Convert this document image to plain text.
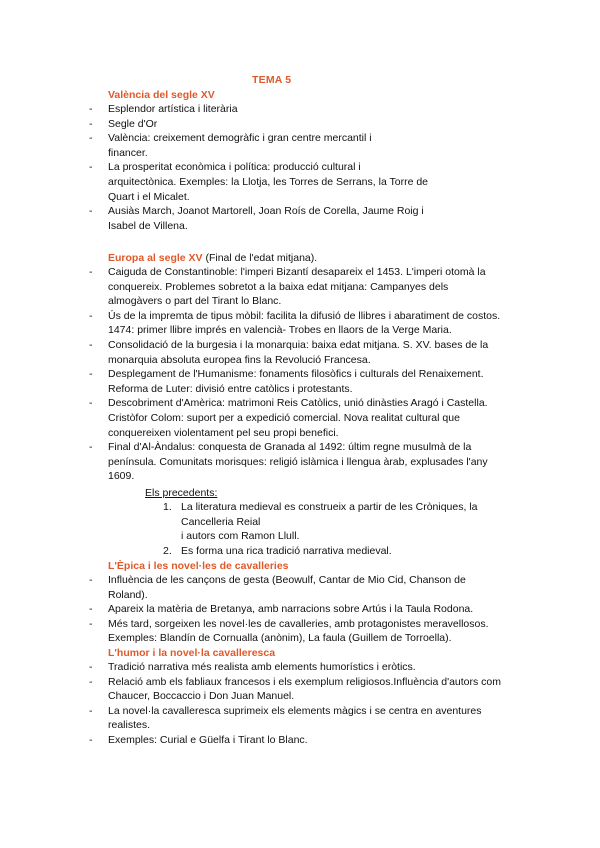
TEMA 5
València del segle XV
- Esplendor artística i literària
- Segle d'Or
- València: creixement demogràfic i gran centre mercantil i
financer.
- La prosperitat econòmica i política: producció cultural i
arquitectònica. Exemples: la Llotja, les Torres de Serrans, la Torre de
Quart i el Micalet.
- Ausiàs March, Joanot Martorell, Joan Roís de Corella, Jaume Roig i
Isabel de Villena.
Europa al segle XV (Final de l'edat mitjana).
- Caiguda de Constantinoble: l'imperi Bizantí desapareix el 1453. L'imperi otomà la
conquereix. Problemes sobretot a la baixa edat mitjana: Campanyes dels
almogàvers o part del Tirant lo Blanc.
- Ús de la impremta de tipus mòbil: facilita la difusió de llibres i abaratiment de costos.
1474: primer llibre imprés en valencià- Trobes en llaors de la Verge Maria.
- Consolidació de la burgesia i la monarquia: baixa edat mitjana. S. XV. bases de la
monarquia absoluta europea fins la Revolució Francesa.
- Desplegament de l'Humanisme: fonaments filosòfics i culturals del Renaixement.
Reforma de Luter: divisió entre catòlics i protestants.
- Descobriment d'Amèrica: matrimoni Reis Catòlics, unió dinàsties Aragó i Castella.
Cristòfor Colom: suport per a expedició comercial. Nova realitat cultural que
conquereixen violentament pel seu propi benefici.
- Final d'Al-Àndalus: conquesta de Granada al 1492: últim regne musulmà de la
península. Comunitats morisques: religió islàmica i llengua àrab, explusades l'any
1609.
Els precedents:
1. La literatura medieval es construeix a partir de les Cròniques, la
Cancelleria Reial
i autors com Ramon Llull.
2. Es forma una rica tradició narrativa medieval.
L'Èpica i les novel·les de cavalleries
- Influència de les cançons de gesta (Beowulf, Cantar de Mio Cid, Chanson de
Roland).
- Apareix la matèria de Bretanya, amb narracions sobre Artús i la Taula Rodona.
- Més tard, sorgeixen les novel·les de cavalleries, amb protagonistes meravellosos.
Exemples: Blandín de Cornualla (anònim), La faula (Guillem de Torroella).
L'humor i la novel·la cavalleresca
- Tradició narrativa més realista amb elements humorístics i eròtics.
- Relació amb els fabliaux francesos i els exemplum religiosos.Influència d'autors com
Chaucer, Boccaccio i Don Juan Manuel.
- La novel·la cavalleresca suprimeix els elements màgics i se centra en aventures
realistes.
- Exemples: Curial e Güelfa i Tirant lo Blanc.
